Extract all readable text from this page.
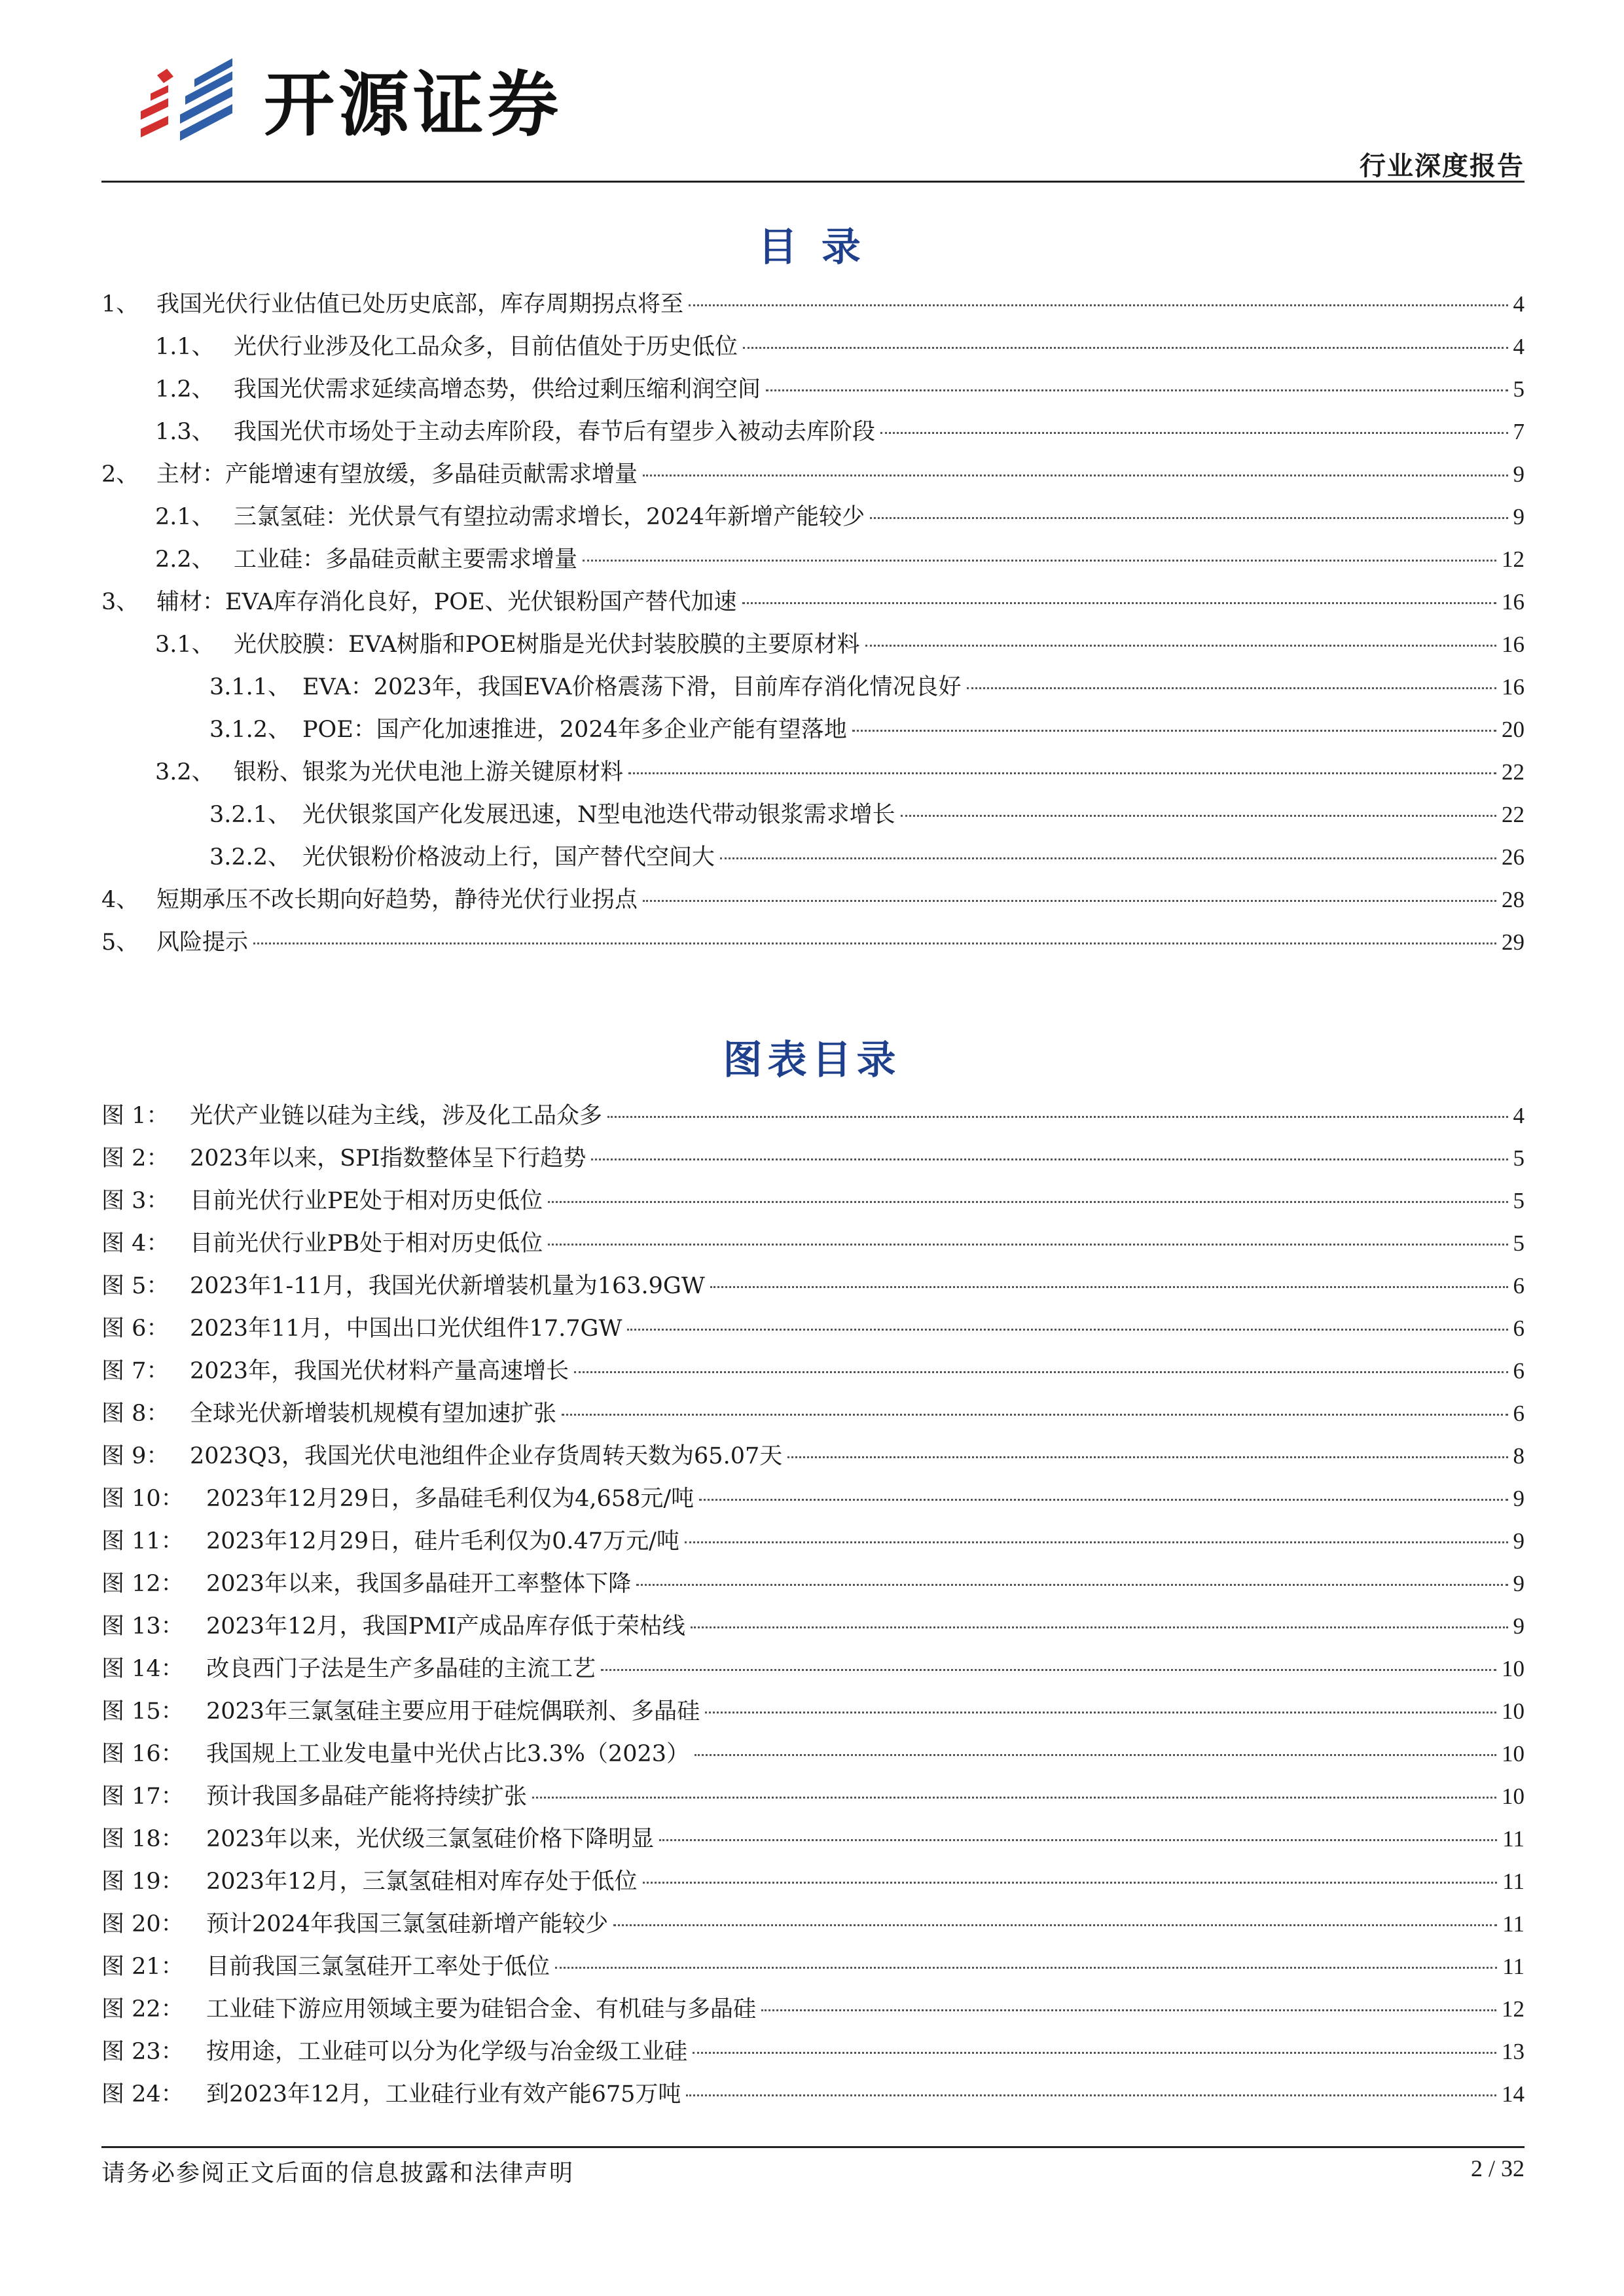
开源证券
行业深度报告
目 录
1、 我国光伏行业估值已处历史底部，库存周期拐点将至	4
1.1、 光伏行业涉及化工品众多，目前估值处于历史低位	4
1.2、 我国光伏需求延续高增态势，供给过剩压缩利润空间	5
1.3、 我国光伏市场处于主动去库阶段，春节后有望步入被动去库阶段	7
2、 主材：产能增速有望放缓，多晶硅贡献需求增量	9
2.1、 三氯氢硅：光伏景气有望拉动需求增长，2024年新增产能较少	9
2.2、 工业硅：多晶硅贡献主要需求增量	12
3、 辅材：EVA库存消化良好，POE、光伏银粉国产替代加速	16
3.1、 光伏胶膜：EVA树脂和POE树脂是光伏封装胶膜的主要原材料	16
3.1.1、 EVA：2023年，我国EVA价格震荡下滑，目前库存消化情况良好	16
3.1.2、 POE：国产化加速推进，2024年多企业产能有望落地	20
3.2、 银粉、银浆为光伏电池上游关键原材料	22
3.2.1、 光伏银浆国产化发展迅速，N型电池迭代带动银浆需求增长	22
3.2.2、 光伏银粉价格波动上行，国产替代空间大	26
4、 短期承压不改长期向好趋势，静待光伏行业拐点	28
5、 风险提示	29
图表目录
图 1： 光伏产业链以硅为主线，涉及化工品众多	4
图 2： 2023年以来，SPI指数整体呈下行趋势	5
图 3： 目前光伏行业PE处于相对历史低位	5
图 4： 目前光伏行业PB处于相对历史低位	5
图 5： 2023年1-11月，我国光伏新增装机量为163.9GW	6
图 6： 2023年11月，中国出口光伏组件17.7GW	6
图 7： 2023年，我国光伏材料产量高速增长	6
图 8： 全球光伏新增装机规模有望加速扩张	6
图 9： 2023Q3，我国光伏电池组件企业存货周转天数为65.07天	8
图 10： 2023年12月29日，多晶硅毛利仅为4,658元/吨	9
图 11： 2023年12月29日，硅片毛利仅为0.47万元/吨	9
图 12： 2023年以来，我国多晶硅开工率整体下降	9
图 13： 2023年12月，我国PMI产成品库存低于荣枯线	9
图 14： 改良西门子法是生产多晶硅的主流工艺	10
图 15： 2023年三氯氢硅主要应用于硅烷偶联剂、多晶硅	10
图 16： 我国规上工业发电量中光伏占比3.3%（2023）	10
图 17： 预计我国多晶硅产能将持续扩张	10
图 18： 2023年以来，光伏级三氯氢硅价格下降明显	11
图 19： 2023年12月，三氯氢硅相对库存处于低位	11
图 20： 预计2024年我国三氯氢硅新增产能较少	11
图 21： 目前我国三氯氢硅开工率处于低位	11
图 22： 工业硅下游应用领域主要为硅铝合金、有机硅与多晶硅	12
图 23： 按用途，工业硅可以分为化学级与冶金级工业硅	13
图 24： 到2023年12月，工业硅行业有效产能675万吨	14
请务必参阅正文后面的信息披露和法律声明	2 / 32
